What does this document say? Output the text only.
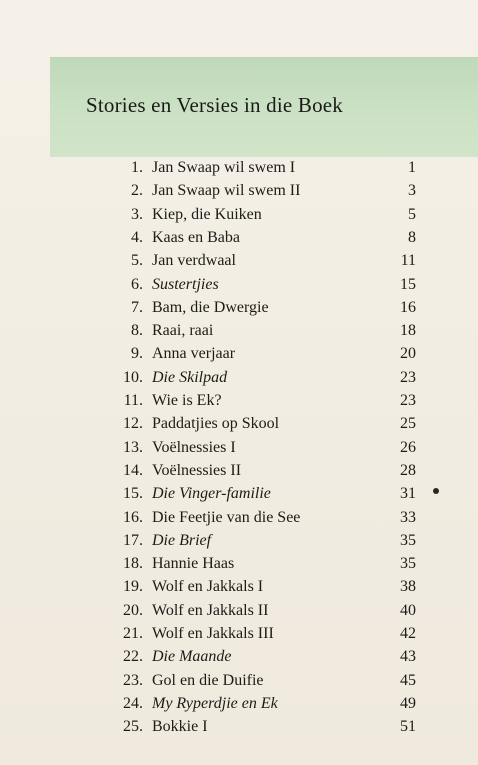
Stories en Versies in die Boek
1. Jan Swaap wil swem I	1
2. Jan Swaap wil swem II	3
3. Kiep, die Kuiken	5
4. Kaas en Baba	8
5. Jan verdwaal	11
6. Sustertjies	15
7. Bam, die Dwergie	16
8. Raai, raai	18
9. Anna verjaar	20
10. Die Skilpad	23
11. Wie is Ek?	23
12. Paddatjies op Skool	25
13. Voëlnessies I	26
14. Voëlnessies II	28
15. Die Vinger-familie	31
16. Die Feetjie van die See	33
17. Die Brief	35
18. Hannie Haas	35
19. Wolf en Jakkals I	38
20. Wolf en Jakkals II	40
21. Wolf en Jakkals III	42
22. Die Maande	43
23. Gol en die Duifie	45
24. My Ryperdjie en Ek	49
25. Bokkie I	51
